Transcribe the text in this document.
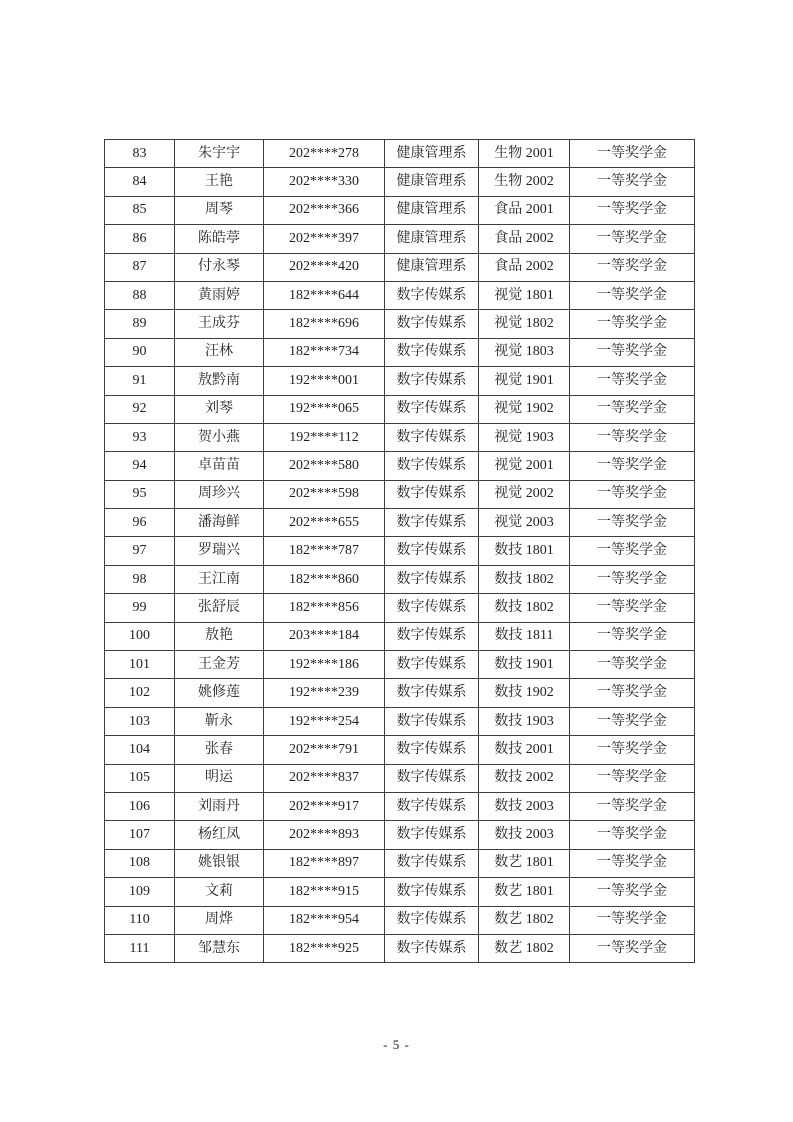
83	朱宇宇	202****278	健康管理系	生物 2001	一等奖学金
84	王艳	202****330	健康管理系	生物 2002	一等奖学金
85	周琴	202****366	健康管理系	食品 2001	一等奖学金
86	陈皓葶	202****397	健康管理系	食品 2002	一等奖学金
87	付永琴	202****420	健康管理系	食品 2002	一等奖学金
88	黄雨婷	182****644	数字传媒系	视觉 1801	一等奖学金
89	王成芬	182****696	数字传媒系	视觉 1802	一等奖学金
90	汪林	182****734	数字传媒系	视觉 1803	一等奖学金
91	敖黔南	192****001	数字传媒系	视觉 1901	一等奖学金
92	刘琴	192****065	数字传媒系	视觉 1902	一等奖学金
93	贺小燕	192****112	数字传媒系	视觉 1903	一等奖学金
94	卓苗苗	202****580	数字传媒系	视觉 2001	一等奖学金
95	周珍兴	202****598	数字传媒系	视觉 2002	一等奖学金
96	潘海鲜	202****655	数字传媒系	视觉 2003	一等奖学金
97	罗瑞兴	182****787	数字传媒系	数技 1801	一等奖学金
98	王江南	182****860	数字传媒系	数技 1802	一等奖学金
99	张舒辰	182****856	数字传媒系	数技 1802	一等奖学金
100	敖艳	203****184	数字传媒系	数技 1811	一等奖学金
101	王金芳	192****186	数字传媒系	数技 1901	一等奖学金
102	姚修莲	192****239	数字传媒系	数技 1902	一等奖学金
103	靳永	192****254	数字传媒系	数技 1903	一等奖学金
104	张春	202****791	数字传媒系	数技 2001	一等奖学金
105	明运	202****837	数字传媒系	数技 2002	一等奖学金
106	刘雨丹	202****917	数字传媒系	数技 2003	一等奖学金
107	杨红凤	202****893	数字传媒系	数技 2003	一等奖学金
108	姚银银	182****897	数字传媒系	数艺 1801	一等奖学金
109	文莉	182****915	数字传媒系	数艺 1801	一等奖学金
110	周烨	182****954	数字传媒系	数艺 1802	一等奖学金
111	邹慧东	182****925	数字传媒系	数艺 1802	一等奖学金
- 5 -
